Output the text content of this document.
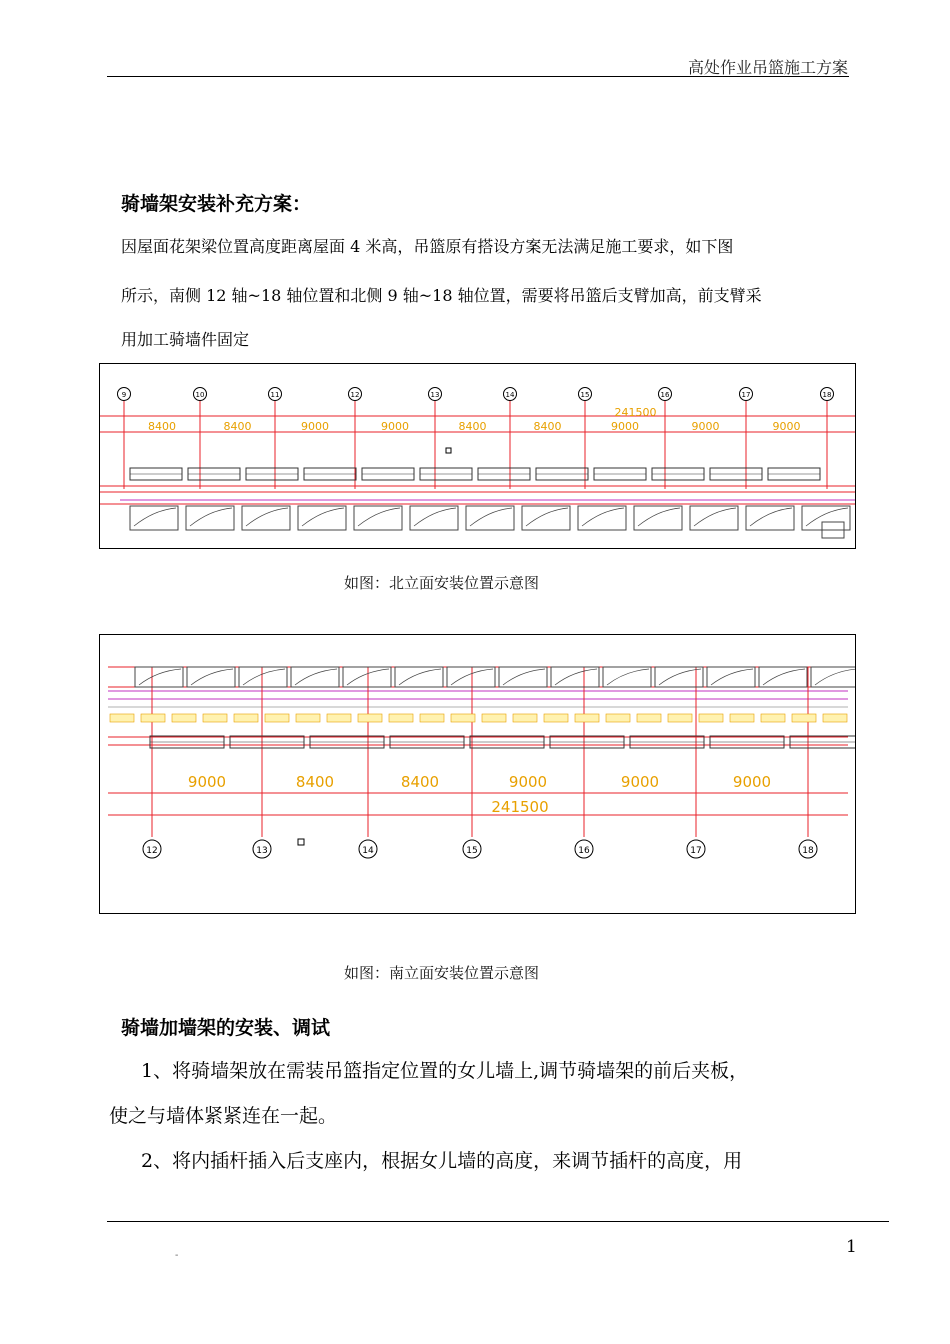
高处作业吊篮施工方案
骑墙架安装补充方案：
因屋面花架梁位置高度距离屋面 4 米高，吊篮原有搭设方案无法满足施工要求，如下图
所示，南侧 12 轴~18 轴位置和北侧 9 轴~18 轴位置，需要将吊篮后支臂加高，前支臂采
用加工骑墙件固定
9	10	11	12	13	14	15	16	17	18
8400	8400	9000	9000	8400	8400	9000	9000	9000
241500
如图：北立面安装位置示意图
12	13	14	15	16	17	18
9000	8400	8400	9000	9000	9000
241500
如图：南立面安装位置示意图
骑墙加墙架的安装、调试
1、将骑墙架放在需装吊篮指定位置的女儿墙上,调节骑墙架的前后夹板，
使之与墙体紧紧连在一起。
2、将内插杆插入后支座内，根据女儿墙的高度，来调节插杆的高度，用
1
-
